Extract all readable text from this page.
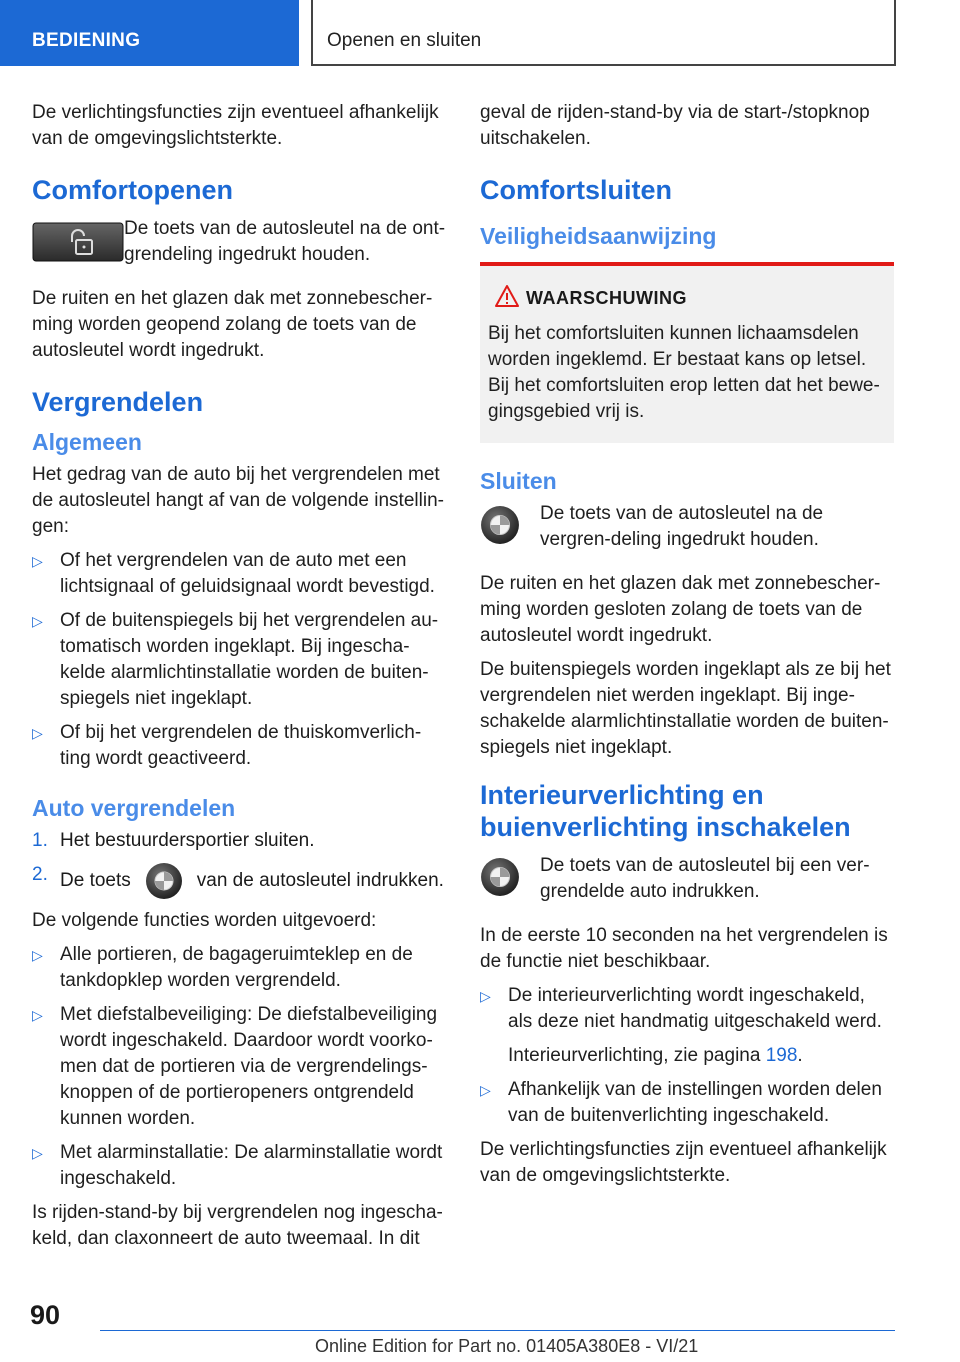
BEDIENING	Openen en sluiten

De verlichtingsfuncties zijn eventueel afhankelijk van de omgevingslichtsterkte.

Comfortopenen

De toets van de autosleutel na de ont-grendeling ingedrukt houden.

De ruiten en het glazen dak met zonnebescher-ming worden geopend zolang de toets van de autosleutel wordt ingedrukt.

Vergrendelen
Algemeen

Het gedrag van de auto bij het vergrendelen met de autosleutel hangt af van de volgende instellin-gen:

▷ Of het vergrendelen van de auto met een lichtsignaal of geluidsignaal wordt bevestigd.
▷ Of de buitenspiegels bij het vergrendelen au-tomatisch worden ingeklapt. Bij ingescha-kelde alarmlichtinstallatie worden de buiten-spiegels niet ingeklapt.
▷ Of bij het vergrendelen de thuiskomverlich-ting wordt geactiveerd.
Auto vergrendelen
1. Het bestuurdersportier sluiten.
2. De toets	van de autosleutel indrukken.

De volgende functies worden uitgevoerd:

▷ Alle portieren, de bagageruimteklep en de tankdopklep worden vergrendeld.
▷ Met diefstalbeveiliging: De diefstalbeveiliging wordt ingeschakeld. Daardoor wordt voorko-men dat de portieren via de vergrendelings-knoppen of de portieropeners ontgrendeld kunnen worden.
▷ Met alarminstallatie: De alarminstallatie wordt ingeschakeld.

Is rijden-stand-by bij vergrendelen nog ingescha-keld, dan claxonneert de auto tweemaal. In dit

geval de rijden-stand-by via de start-/stopknop uitschakelen.

Comfortsluiten
Veiligheidsaanwijzing
WAARSCHUWING

Bij het comfortsluiten kunnen lichaamsdelen worden ingeklemd. Er bestaat kans op letsel. Bij het comfortsluiten erop letten dat het bewe-gingsgebied vrij is.

Sluiten

De toets van de autosleutel na de vergren-deling ingedrukt houden.

De ruiten en het glazen dak met zonnebescher-ming worden gesloten zolang de toets van de autosleutel wordt ingedrukt.

De buitenspiegels worden ingeklapt als ze bij het vergrendelen niet werden ingeklapt. Bij inge-schakelde alarmlichtinstallatie worden de buiten-spiegels niet ingeklapt.

Interieurverlichting en buienverlichting inschakelen

De toets van de autosleutel bij een ver-grendelde auto indrukken.

In de eerste 10 seconden na het vergrendelen is de functie niet beschikbaar.

▷ De interieurverlichting wordt ingeschakeld, als deze niet handmatig uitgeschakeld werd.
Interieurverlichting, zie pagina 198.
▷ Afhankelijk van de instellingen worden delen van de buitenverlichting ingeschakeld.

De verlichtingsfuncties zijn eventueel afhankelijk van de omgevingslichtsterkte.

90
Online Edition for Part no. 01405A380E8 - VI/21
